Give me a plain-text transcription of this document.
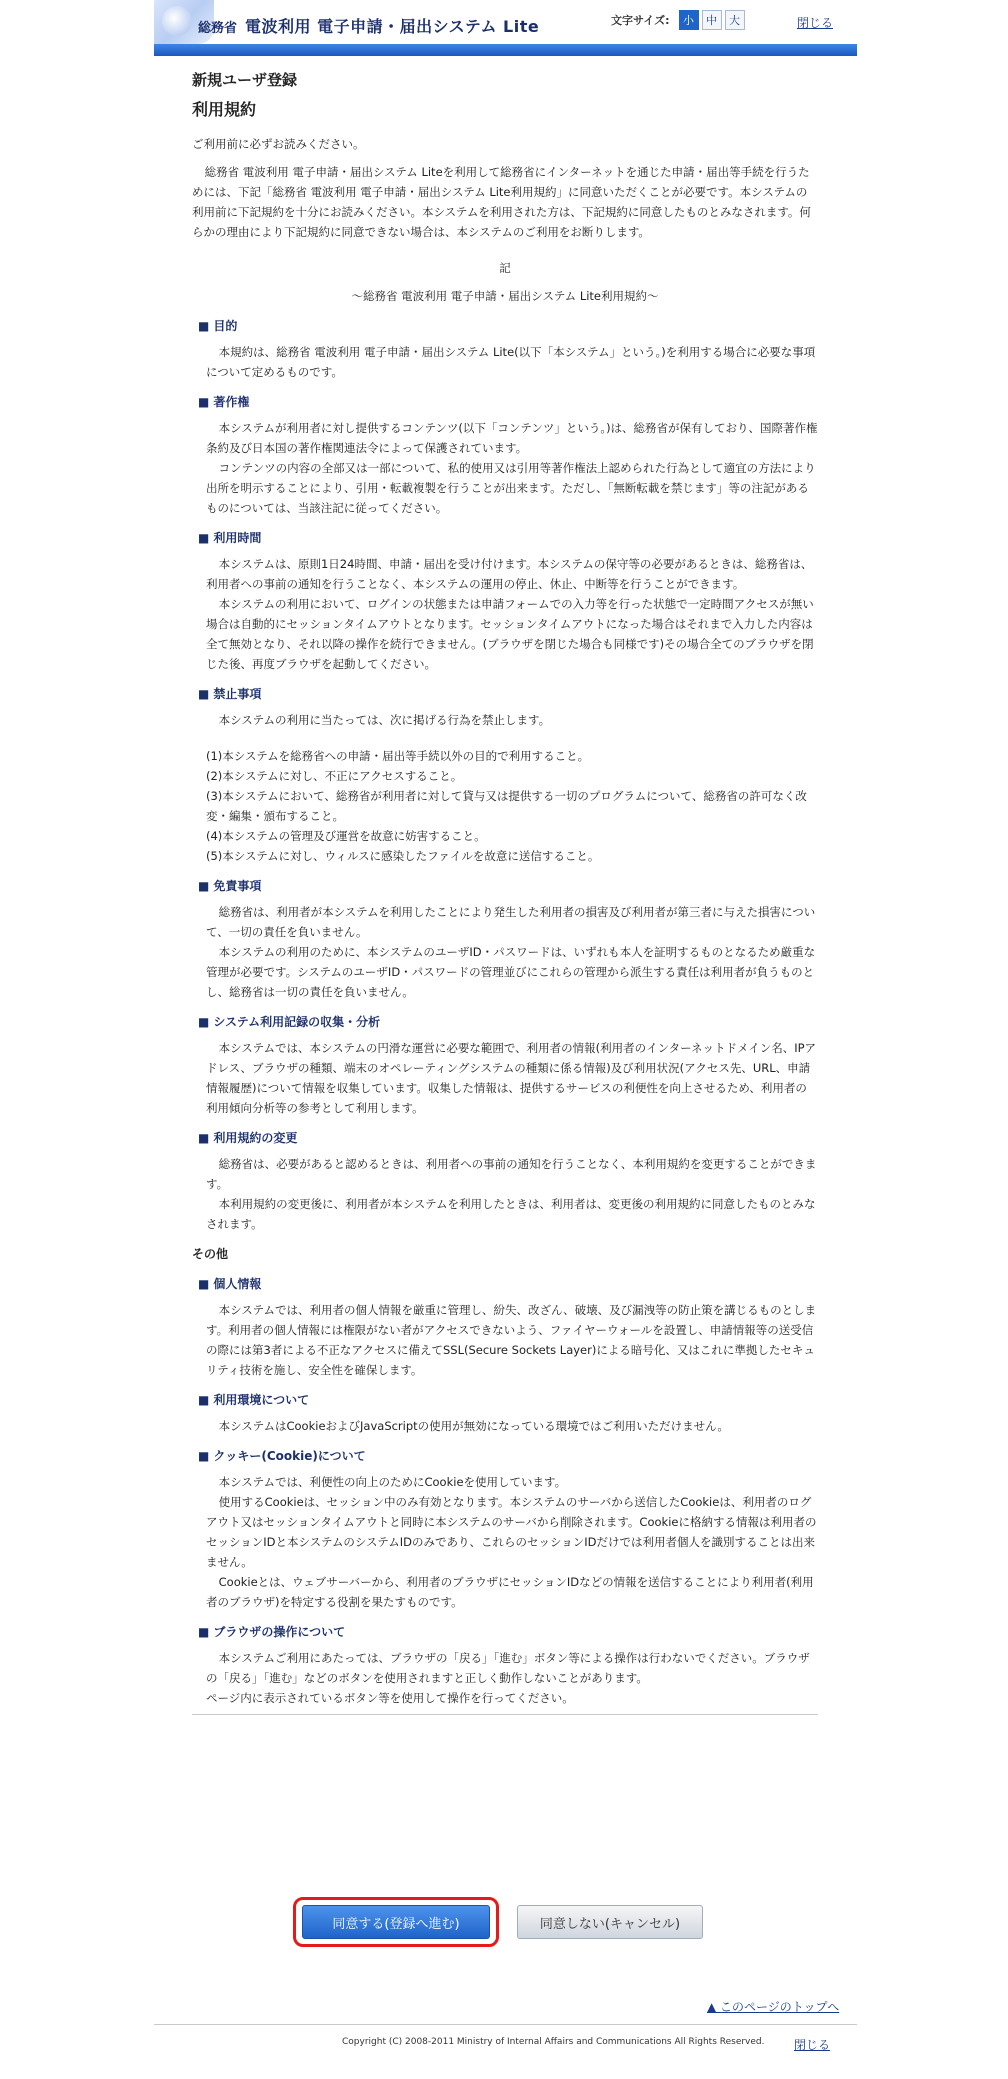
総務省 電波利用 電子申請・届出システム Lite	文字サイズ:	小	中	大	閉じる
新規ユーザ登録
利用規約

ご利用前に必ずお読みください。

総務省 電波利用 電子申請・届出システム Liteを利用して総務省にインターネットを通じた申請・届出等手続を行うためには、下記「総務省 電波利用 電子申請・届出システム Lite利用規約」に同意いただくことが必要です。本システムの利用前に下記規約を十分にお読みください。本システムを利用された方は、下記規約に同意したものとみなされます。何らかの理由により下記規約に同意できない場合は、本システムのご利用をお断りします。

記

～総務省 電波利用 電子申請・届出システム Lite利用規約～

■ 目的

本規約は、総務省 電波利用 電子申請・届出システム Lite(以下「本システム」という。)を利用する場合に必要な事項について定めるものです。

■ 著作権

本システムが利用者に対し提供するコンテンツ(以下「コンテンツ」という。)は、総務省が保有しており、国際著作権条約及び日本国の著作権関連法令によって保護されています。

コンテンツの内容の全部又は一部について、私的使用又は引用等著作権法上認められた行為として適宜の方法により出所を明示することにより、引用・転載複製を行うことが出来ます。ただし、「無断転載を禁じます」等の注記があるものについては、当該注記に従ってください。

■ 利用時間

本システムは、原則1日24時間、申請・届出を受け付けます。本システムの保守等の必要があるときは、総務省は、利用者への事前の通知を行うことなく、本システムの運用の停止、休止、中断等を行うことができます。

本システムの利用において、ログインの状態または申請フォームでの入力等を行った状態で一定時間アクセスが無い場合は自動的にセッションタイムアウトとなります。セッションタイムアウトになった場合はそれまで入力した内容は全て無効となり、それ以降の操作を続行できません。(ブラウザを閉じた場合も同様です)その場合全てのブラウザを閉じた後、再度ブラウザを起動してください。

■ 禁止事項

本システムの利用に当たっては、次に掲げる行為を禁止します。

(1)本システムを総務省への申請・届出等手続以外の目的で利用すること。

(2)本システムに対し、不正にアクセスすること。

(3)本システムにおいて、総務省が利用者に対して貸与又は提供する一切のプログラムについて、総務省の許可なく改変・編集・頒布すること。

(4)本システムの管理及び運営を故意に妨害すること。

(5)本システムに対し、ウィルスに感染したファイルを故意に送信すること。

■ 免責事項

総務省は、利用者が本システムを利用したことにより発生した利用者の損害及び利用者が第三者に与えた損害について、一切の責任を負いません。

本システムの利用のために、本システムのユーザID・パスワードは、いずれも本人を証明するものとなるため厳重な管理が必要です。システムのユーザID・パスワードの管理並びにこれらの管理から派生する責任は利用者が負うものとし、総務省は一切の責任を負いません。

■ システム利用記録の収集・分析

本システムでは、本システムの円滑な運営に必要な範囲で、利用者の情報(利用者のインターネットドメイン名、IPアドレス、ブラウザの種類、端末のオペレーティングシステムの種類に係る情報)及び利用状況(アクセス先、URL、申請情報履歴)について情報を収集しています。収集した情報は、提供するサービスの利便性を向上させるため、利用者の利用傾向分析等の参考として利用します。

■ 利用規約の変更

総務省は、必要があると認めるときは、利用者への事前の通知を行うことなく、本利用規約を変更することができます。

本利用規約の変更後に、利用者が本システムを利用したときは、利用者は、変更後の利用規約に同意したものとみなされます。

その他
■ 個人情報

本システムでは、利用者の個人情報を厳重に管理し、紛失、改ざん、破壊、及び漏洩等の防止策を講じるものとします。利用者の個人情報には権限がない者がアクセスできないよう、ファイヤーウォールを設置し、申請情報等の送受信の際には第3者による不正なアクセスに備えてSSL(Secure Sockets Layer)による暗号化、又はこれに準拠したセキュリティ技術を施し、安全性を確保します。

■ 利用環境について

本システムはCookieおよびJavaScriptの使用が無効になっている環境ではご利用いただけません。

■ クッキー(Cookie)について

本システムでは、利便性の向上のためにCookieを使用しています。

使用するCookieは、セッション中のみ有効となります。本システムのサーバから送信したCookieは、利用者のログアウト又はセッションタイムアウトと同時に本システムのサーバから削除されます。Cookieに格納する情報は利用者のセッションIDと本システムのシステムIDのみであり、これらのセッションIDだけでは利用者個人を識別することは出来ません。

Cookieとは、ウェブサーバーから、利用者のブラウザにセッションIDなどの情報を送信することにより利用者(利用者のブラウザ)を特定する役割を果たすものです。

■ ブラウザの操作について

本システムご利用にあたっては、ブラウザの「戻る」「進む」ボタン等による操作は行わないでください。ブラウザの「戻る」「進む」などのボタンを使用されますと正しく動作しないことがあります。

ページ内に表示されているボタン等を使用して操作を行ってください。

同意する(登録へ進む)	同意しない(キャンセル)
▲ このページのトップへ
Copyright (C) 2008-2011 Ministry of Internal Affairs and Communications All Rights Reserved. 閉じる
